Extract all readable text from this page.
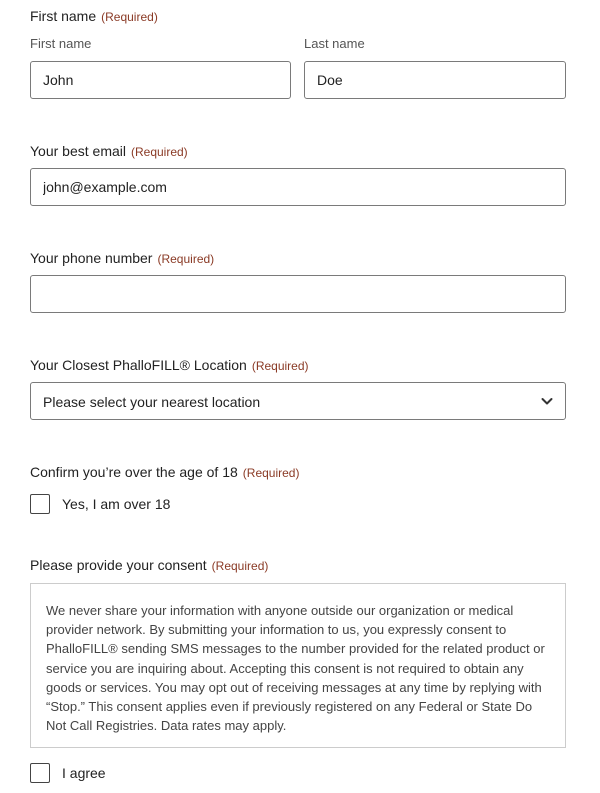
First name (Required)
First name	Last name
John
Doe
Your best email (Required)
john@example.com
Your phone number (Required)
Your Closest PhalloFILL® Location (Required)
Please select your nearest location
Confirm you’re over the age of 18 (Required)
Yes, I am over 18
Please provide your consent (Required)

We never share your information with anyone outside our organization or medical provider network. By submitting your information to us, you expressly consent to PhalloFILL® sending SMS messages to the number provided for the related product or service you are inquiring about. Accepting this consent is not required to obtain any goods or services. You may opt out of receiving messages at any time by replying with “Stop.” This consent applies even if previously registered on any Federal or State Do Not Call Registries. Data rates may apply.

I agree
